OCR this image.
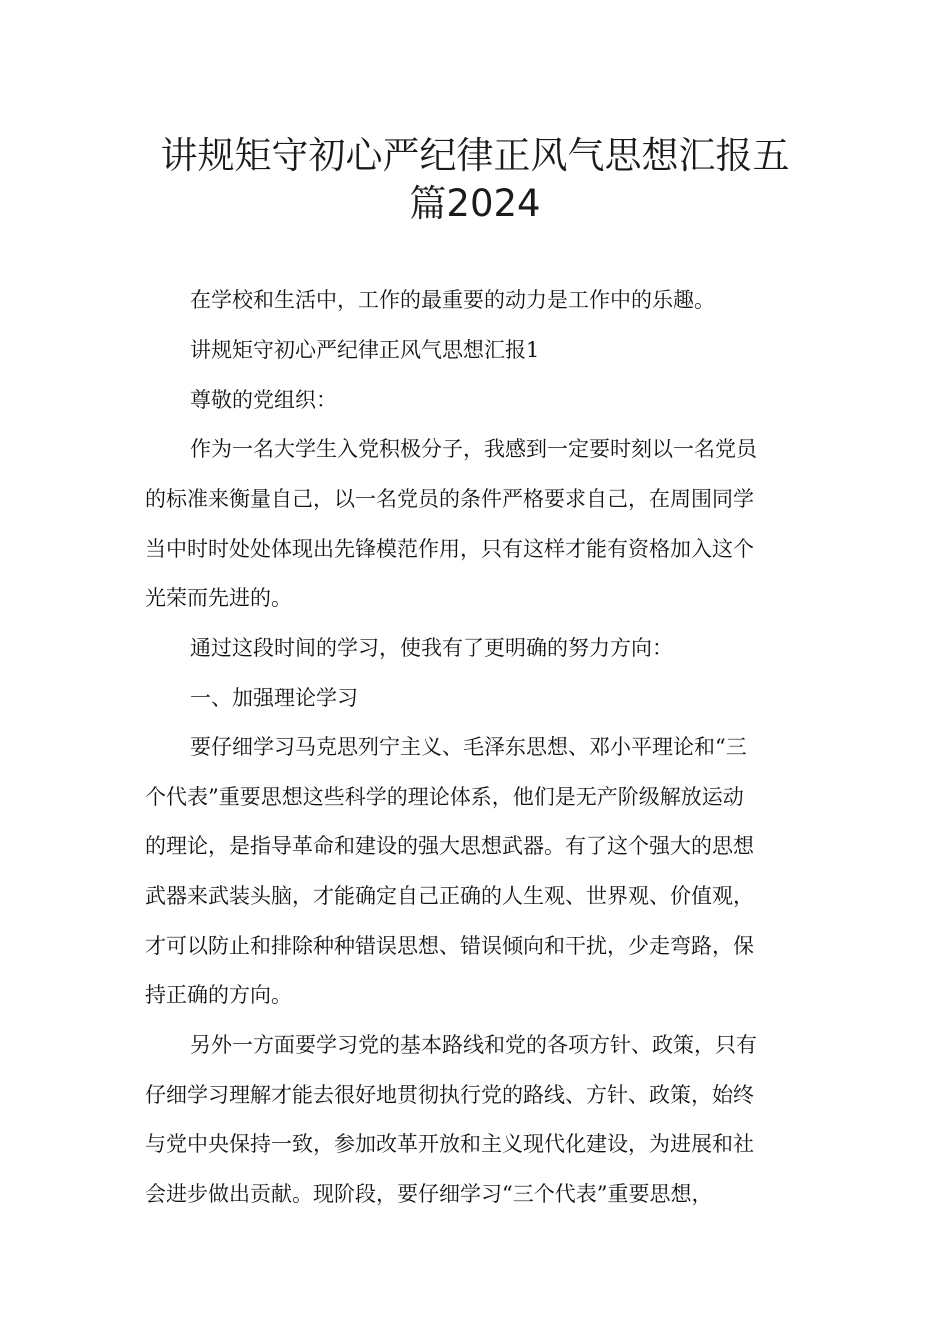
讲规矩守初心严纪律正风气思想汇报五
篇2024

在学校和生活中，工作的最重要的动力是工作中的乐趣。

讲规矩守初心严纪律正风气思想汇报1

尊敬的党组织：

作为一名大学生入党积极分子，我感到一定要时刻以一名党员

的标准来衡量自己，以一名党员的条件严格要求自己，在周围同学

当中时时处处体现出先锋模范作用，只有这样才能有资格加入这个

光荣而先进的。

通过这段时间的学习，使我有了更明确的努力方向：

一、加强理论学习

要仔细学习马克思列宁主义、毛泽东思想、邓小平理论和“三

个代表”重要思想这些科学的理论体系，他们是无产阶级解放运动

的理论，是指导革命和建设的强大思想武器。有了这个强大的思想

武器来武装头脑，才能确定自己正确的人生观、世界观、价值观，

才可以防止和排除种种错误思想、错误倾向和干扰，少走弯路，保

持正确的方向。

另外一方面要学习党的基本路线和党的各项方针、政策，只有

仔细学习理解才能去很好地贯彻执行党的路线、方针、政策，始终

与党中央保持一致，参加改革开放和主义现代化建设，为进展和社

会进步做出贡献。现阶段，要仔细学习“三个代表”重要思想，
